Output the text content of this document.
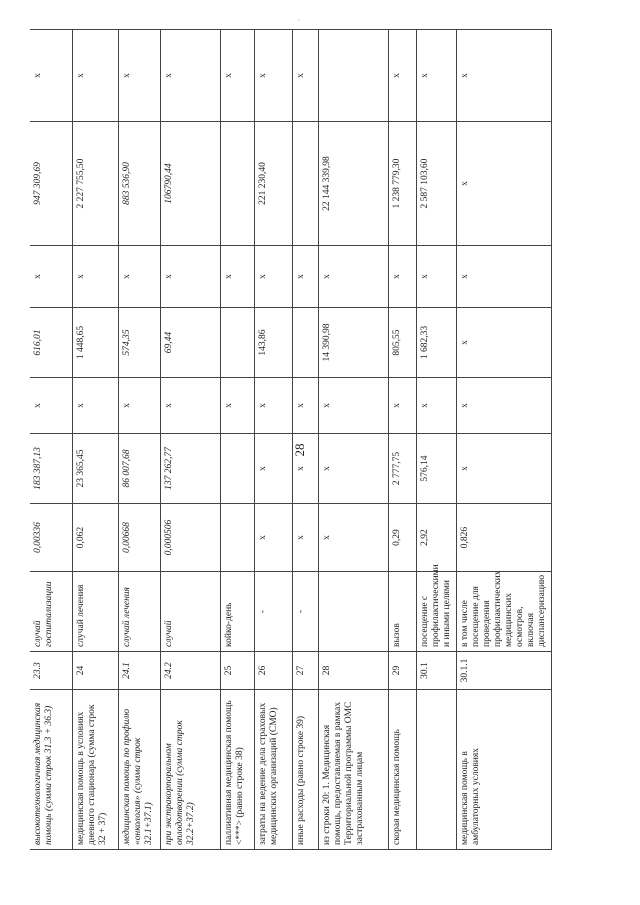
,
28
высокотехнологичная медицинская помощь (сумма строк 31.3 + 36.3)	23.3	случай госпитализации	0,00336	183 387,13	x	616,01	x	947 309,69	x
медицинская помощь в условиях дневного стационара (сумма строк 32 + 37)	24	случай лечения	0,062	23 365,45	x	1 448,65	x	2 227 755,50	x
медицинская помощь по профилю «онкология» (сумма строк 32.1+37.1)	24.1	случай лечения	0,00668	86 007,68	x	574,35	x	883 536,90	x
при экстракорпоральном оплодотворении (сумма строк 32.2+37.2)	24.2	случай	0,000506	137 262,77	x	69,44	x	106790,44	x
паллиативная медицинская помощь <***> (равно строке 38)	25	койко-день			x		x		x
затраты на ведение дела страховых медицинских организаций (СМО)	26	-	x	x	x	143,86	x	221 230,40	x
иные расходы (равно строке 39)	27	-	x	x	x		x		x
из строки 20: 1. Медицинская помощь, предоставляемая в рамках Территориальной программы ОМС застрахованным лицам	28		x	x	x	14 390,98	x	22 144 339,98	
скорая медицинская помощь	29	вызов	0,29	2 777,75	x	805,55	x	1 238 779,30	x
	30.1	посещение с профилактическими и иными целями	2,92	576,14	x	1 682,33	x	2 587 103,60	x
медицинская помощь в амбулаторных условиях	30.1.1	в том числе посещение для проведения профилактических медицинских осмотров, включая диспансеризацию	0,826	x	x	x	x	x	x
